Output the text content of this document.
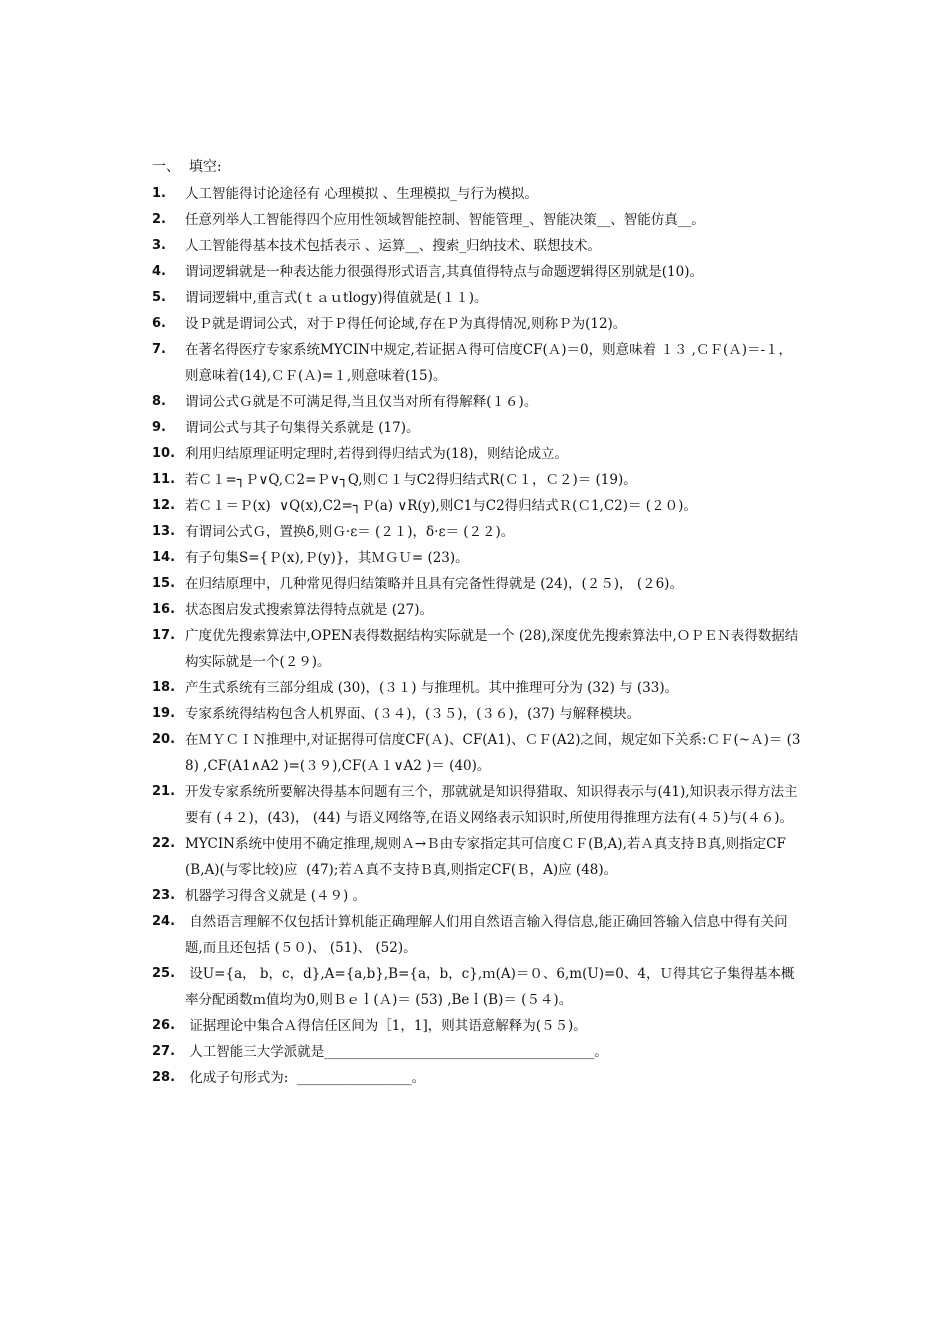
一、  填空:
1. 人工智能得讨论途径有 心理模拟 、生理模拟_与行为模拟。
2. 任意列举人工智能得四个应用性领域智能控制、智能管理_、智能决策__、智能仿真__。
3. 人工智能得基本技术包括表示 、运算__、搜索_归纳技术、联想技术。
4. 谓词逻辑就是一种表达能力很强得形式语言,其真值得特点与命题逻辑得区别就是(10)。
5. 谓词逻辑中,重言式(ｔａｕtlogy)得值就是(１１)。
6. 设Ｐ就是谓词公式，对于Ｐ得任何论域,存在Ｐ为真得情况,则称Ｐ为(12)。
7. 在著名得医疗专家系统MYCIN中规定,若证据Ａ得可信度CF(Ａ)＝0，则意味着 １３ ,ＣＦ(Ａ)＝-１，则意味着(14),ＣＦ(Ａ)=１,则意味着(15)。
8. 谓词公式Ｇ就是不可满足得,当且仅当对所有得解释(１６)。
9. 谓词公式与其子句集得关系就是 (17)。
10. 利用归结原理证明定理时,若得到得归结式为(18)，则结论成立。
11. 若Ｃ１=┐Ｐ∨Q,Ｃ2=Ｐ∨┐Q,则Ｃ１与C2得归结式R(Ｃ１，Ｃ２)＝ (19)。
12. 若Ｃ１＝Ｐ(x)  ∨Q(x),C2=┐Ｐ(a) ∨R(y),则C1与C2得归结式Ｒ(Ｃ1,C2)＝ (２０)。
13. 有谓词公式Ｇ，置换δ,则Ｇ·ε＝ (２１)，δ·ε＝ (２２)。
14. 有子句集S={Ｐ(x),Ｐ(y)}，其ＭＧＵ= (23)。
15. 在归结原理中，几种常见得归结策略并且具有完备性得就是 (24)，(２５)， (２6)。
16. 状态图启发式搜索算法得特点就是 (27)。
17. 广度优先搜索算法中,OPEN表得数据结构实际就是一个 (28),深度优先搜索算法中,ＯＰＥＮ表得数据结构实际就是一个(２９)。
18. 产生式系统有三部分组成 (30)，(３１) 与推理机。其中推理可分为 (32) 与 (33)。
19. 专家系统得结构包含人机界面、(３４)，(３５)，(３６)，(37) 与解释模块。
20. 在ＭＹＣＩＮ推理中,对证据得可信度CF(Ａ)、CF(A1)、ＣＦ(A2)之间，规定如下关系:ＣＦ(~Ａ)＝ (38) ,CF(A1∧A2 )=(３９),CF(Ａ１∨A2 )＝ (40)。
21. 开发专家系统所要解决得基本问题有三个，那就就是知识得猎取、知识得表示与(41),知识表示得方法主要有 (４２)，(43)， (44) 与语义网络等,在语义网络表示知识时,所使用得推理方法有(４５)与(４６)。
22. MYCIN系统中使用不确定推理,规则Ａ→Ｂ由专家指定其可信度ＣＦ(B,A),若Ａ真支持Ｂ真,则指定CF(B,A)(与零比较)应  (47);若Ａ真不支持Ｂ真,则指定CF(Ｂ，A)应 (48)。
23. 机器学习得含义就是 (４９) 。
24. 自然语言理解不仅包括计算机能正确理解人们用自然语言输入得信息,能正确回答输入信息中得有关问题,而且还包括 (５０)、 (51)、 (52)。
25. 设U={a， b，c，d},A={a,b},B={a，b，c},ｍ(A)＝０、6,m(U)=0、4，Ｕ得其它子集得基本概率分配函数ｍ值均为0,则Ｂｅｌ(Ａ)＝ (53) ,Beｌ(B)＝ (５４)。
26. 证据理论中集合Ａ得信任区间为［1，1]，则其语意解释为(５５)。
27. 人工智能三大学派就是________________________________________。
28. 化成子句形式为:  _________________。
